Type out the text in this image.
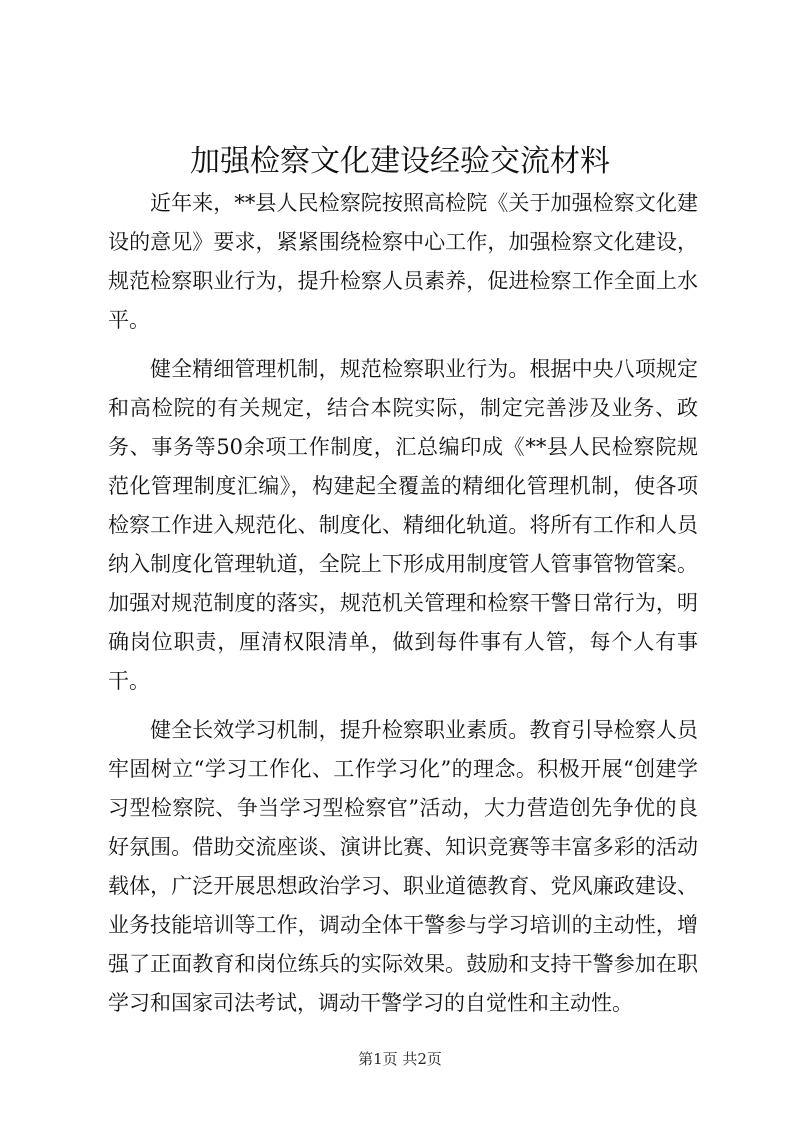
加强检察文化建设经验交流材料

近年来，**县人民检察院按照高检院《关于加强检察文化建设的意见》要求，紧紧围绕检察中心工作，加强检察文化建设，规范检察职业行为，提升检察人员素养，促进检察工作全面上水平。

健全精细管理机制，规范检察职业行为。根据中央八项规定和高检院的有关规定，结合本院实际，制定完善涉及业务、政务、事务等50余项工作制度，汇总编印成《**县人民检察院规范化管理制度汇编》，构建起全覆盖的精细化管理机制，使各项检察工作进入规范化、制度化、精细化轨道。将所有工作和人员纳入制度化管理轨道，全院上下形成用制度管人管事管物管案。加强对规范制度的落实，规范机关管理和检察干警日常行为，明确岗位职责，厘清权限清单，做到每件事有人管，每个人有事干。

健全长效学习机制，提升检察职业素质。教育引导检察人员牢固树立“学习工作化、工作学习化”的理念。积极开展“创建学习型检察院、争当学习型检察官”活动，大力营造创先争优的良好氛围。借助交流座谈、演讲比赛、知识竞赛等丰富多彩的活动载体，广泛开展思想政治学习、职业道德教育、党风廉政建设、业务技能培训等工作，调动全体干警参与学习培训的主动性，增强了正面教育和岗位练兵的实际效果。鼓励和支持干警参加在职学习和国家司法考试，调动干警学习的自觉性和主动性。

第1页 共2页
